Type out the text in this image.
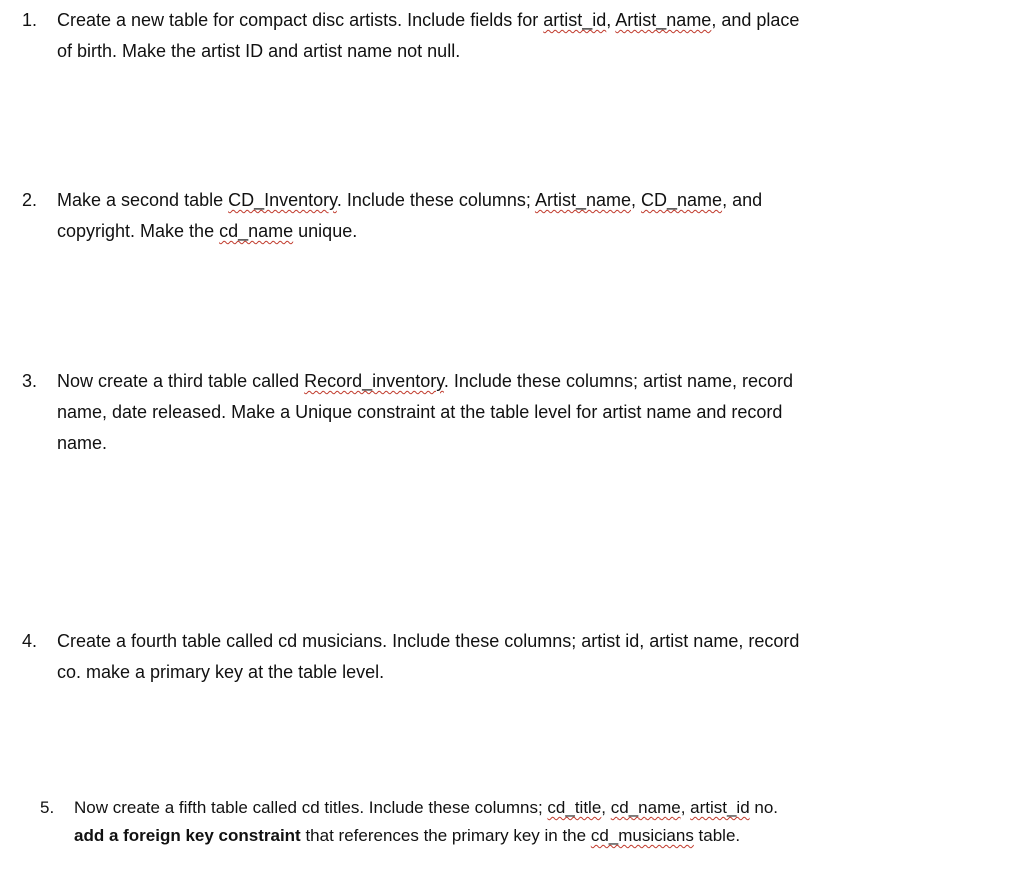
1. Create a new table for compact disc artists. Include fields for artist_id, Artist_name, and place
of birth. Make the artist ID and artist name not null.
2. Make a second table CD_Inventory. Include these columns; Artist_name, CD_name, and
copyright. Make the cd_name unique.
3. Now create a third table called Record_inventory. Include these columns; artist name, record
name, date released. Make a Unique constraint at the table level for artist name and record
name.
4. Create a fourth table called cd musicians. Include these columns; artist id, artist name, record
co. make a primary key at the table level.
5. Now create a fifth table called cd titles. Include these columns; cd_title, cd_name, artist_id no.
add a foreign key constraint that references the primary key in the cd_musicians table.
